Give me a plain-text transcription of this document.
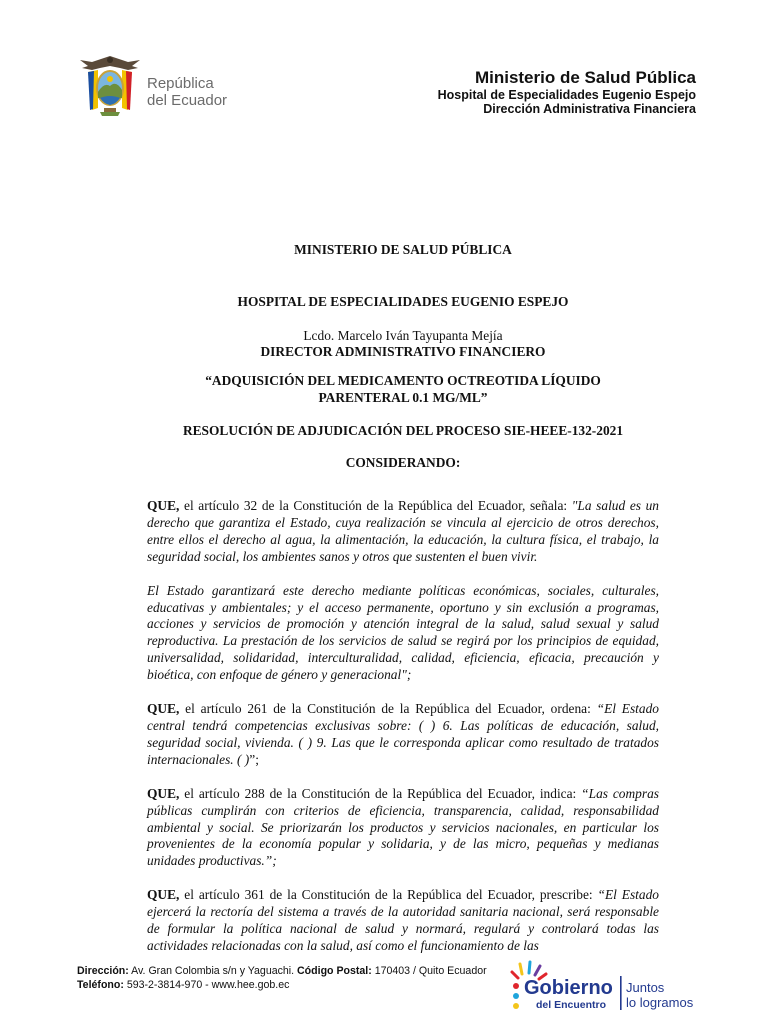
República
del Ecuador
Ministerio de Salud Pública
Hospital de Especialidades Eugenio Espejo
Dirección Administrativa Financiera
MINISTERIO DE SALUD PÚBLICA
HOSPITAL DE ESPECIALIDADES EUGENIO ESPEJO
Lcdo. Marcelo Iván Tayupanta Mejía
DIRECTOR ADMINISTRATIVO FINANCIERO
“ADQUISICIÓN DEL MEDICAMENTO OCTREOTIDA LÍQUIDO
PARENTERAL 0.1 MG/ML”
RESOLUCIÓN DE ADJUDICACIÓN DEL PROCESO SIE-HEEE-132-2021
CONSIDERANDO:

QUE, el artículo 32 de la Constitución de la República del Ecuador, señala: "La salud es un derecho que garantiza el Estado, cuya realización se vincula al ejercicio de otros derechos, entre ellos el derecho al agua, la alimentación, la educación, la cultura física, el trabajo, la seguridad social, los ambientes sanos y otros que sustenten el buen vivir.

El Estado garantizará este derecho mediante políticas económicas, sociales, culturales, educativas y ambientales; y el acceso permanente, oportuno y sin exclusión a programas, acciones y servicios de promoción y atención integral de la salud, salud sexual y salud reproductiva. La prestación de los servicios de salud se regirá por los principios de equidad, universalidad, solidaridad, interculturalidad, calidad, eficiencia, eficacia, precaución y bioética, con enfoque de género y generacional";

QUE, el artículo 261 de la Constitución de la República del Ecuador, ordena: “El Estado central tendrá competencias exclusivas sobre: ( ) 6. Las políticas de educación, salud, seguridad social, vivienda. ( ) 9. Las que le corresponda aplicar como resultado de tratados internacionales. ( )”;

QUE, el artículo 288 de la Constitución de la República del Ecuador, indica: “Las compras públicas cumplirán con criterios de eficiencia, transparencia, calidad, responsabilidad ambiental y social. Se priorizarán los productos y servicios nacionales, en particular los provenientes de la economía popular y solidaria, y de las micro, pequeñas y medianas unidades productivas.”;

QUE, el artículo 361 de la Constitución de la República del Ecuador, prescribe: “El Estado ejercerá la rectoría del sistema a través de la autoridad sanitaria nacional, será responsable de formular la política nacional de salud y normará, regulará y controlará todas las actividades relacionadas con la salud, así como el funcionamiento de las

Dirección: Av. Gran Colombia s/n y Yaguachi. Código Postal: 170403 / Quito Ecuador
Teléfono: 593-2-3814-970 - www.hee.gob.ec	Gobierno
del Encuentro
Juntos
lo logramos
